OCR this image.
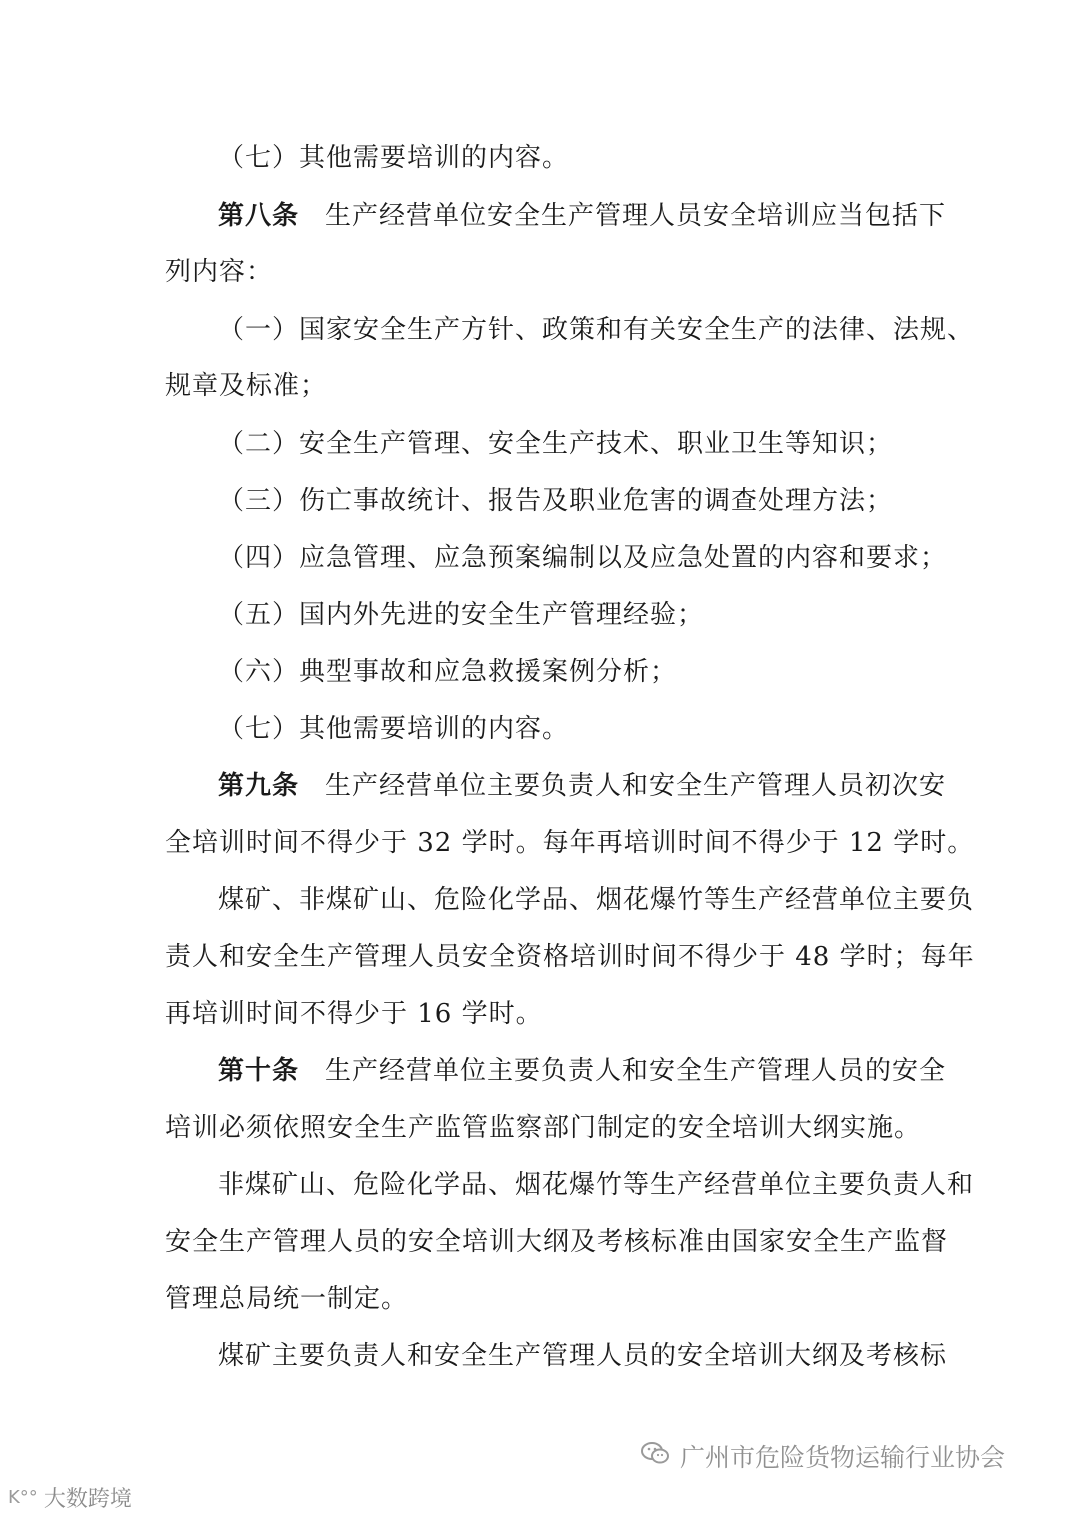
（七）其他需要培训的内容。
第八条 生产经营单位安全生产管理人员安全培训应当包括下
列内容：
（一）国家安全生产方针、政策和有关安全生产的法律、法规、
规章及标准；
（二）安全生产管理、安全生产技术、职业卫生等知识；
（三）伤亡事故统计、报告及职业危害的调查处理方法；
（四）应急管理、应急预案编制以及应急处置的内容和要求；
（五）国内外先进的安全生产管理经验；
（六）典型事故和应急救援案例分析；
（七）其他需要培训的内容。
第九条 生产经营单位主要负责人和安全生产管理人员初次安
全培训时间不得少于 32 学时。每年再培训时间不得少于 12 学时。
煤矿、非煤矿山、危险化学品、烟花爆竹等生产经营单位主要负
责人和安全生产管理人员安全资格培训时间不得少于 48 学时；每年
再培训时间不得少于 16 学时。
第十条 生产经营单位主要负责人和安全生产管理人员的安全
培训必须依照安全生产监管监察部门制定的安全培训大纲实施。
非煤矿山、危险化学品、烟花爆竹等生产经营单位主要负责人和
安全生产管理人员的安全培训大纲及考核标准由国家安全生产监督
管理总局统一制定。
煤矿主要负责人和安全生产管理人员的安全培训大纲及考核标
广州市危险货物运输行业协会
K°° 大数跨境
